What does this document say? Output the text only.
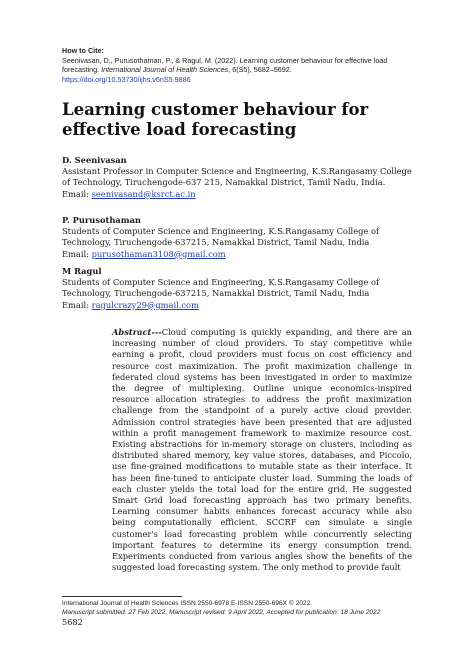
How to Cite:
Seenivasan, D., Purusothaman, P., & Ragul, M. (2022). Learning customer behaviour for effective load
forecasting. International Journal of Health Sciences, 6(S5), 5682–5692.
https://doi.org/10.53730/ijhs.v6nS5.9886
Learning customer behaviour for effective load forecasting
D. Seenivasan
Assistant Professor in Computer Science and Engineering, K.S.Rangasamy College of Technology, Tiruchengode-637 215, Namakkal District, Tamil Nadu, India.
Email: seenivasand@ksrct.ac.in
P. Purusothaman
Students of Computer Science and Engineering, K.S.Rangasamy College of Technology, Tiruchengode-637215, Namakkal District, Tamil Nadu, India
Email: purusothaman3108@gmail.com
M Ragul
Students of Computer Science and Engineering, K.S.Rangasamy College of Technology, Tiruchengode-637215, Namakkal District, Tamil Nadu, India
Email: ragulcrazy29@gmail.com
Abstract---Cloud computing is quickly expanding, and there are an increasing number of cloud providers. To stay competitive while earning a profit, cloud providers must focus on cost efficiency and resource cost maximization. The profit maximization challenge in federated cloud systems has been investigated in order to maximize the degree of multiplexing. Outline unique economics-inspired resource allocation strategies to address the profit maximization challenge from the standpoint of a purely active cloud provider. Admission control strategies have been presented that are adjusted within a profit management framework to maximize resource cost. Existing abstractions for in-memory storage on clusters, including as distributed shared memory, key value stores, databases, and Piccolo, use fine-grained modifications to mutable state as their interface. It has been fine-tuned to anticipate cluster load. Summing the loads of each cluster yields the total load for the entire grid. He suggested Smart Grid load forecasting approach has two primary benefits. Learning consumer habits enhances forecast accuracy while also being computationally efficient. SCCRF can simulate a single customer's load forecasting problem while concurrently selecting important features to determine its energy consumption trend. Experiments conducted from various angles show the benefits of the suggested load forecasting system. The only method to provide fault
International Journal of Health Sciences ISSN 2550-6978 E-ISSN 2550-696X © 2022.
Manuscript submitted: 27 Feb 2022, Manuscript revised: 9 April 2022, Accepted for publication: 18 June 2022
5682
